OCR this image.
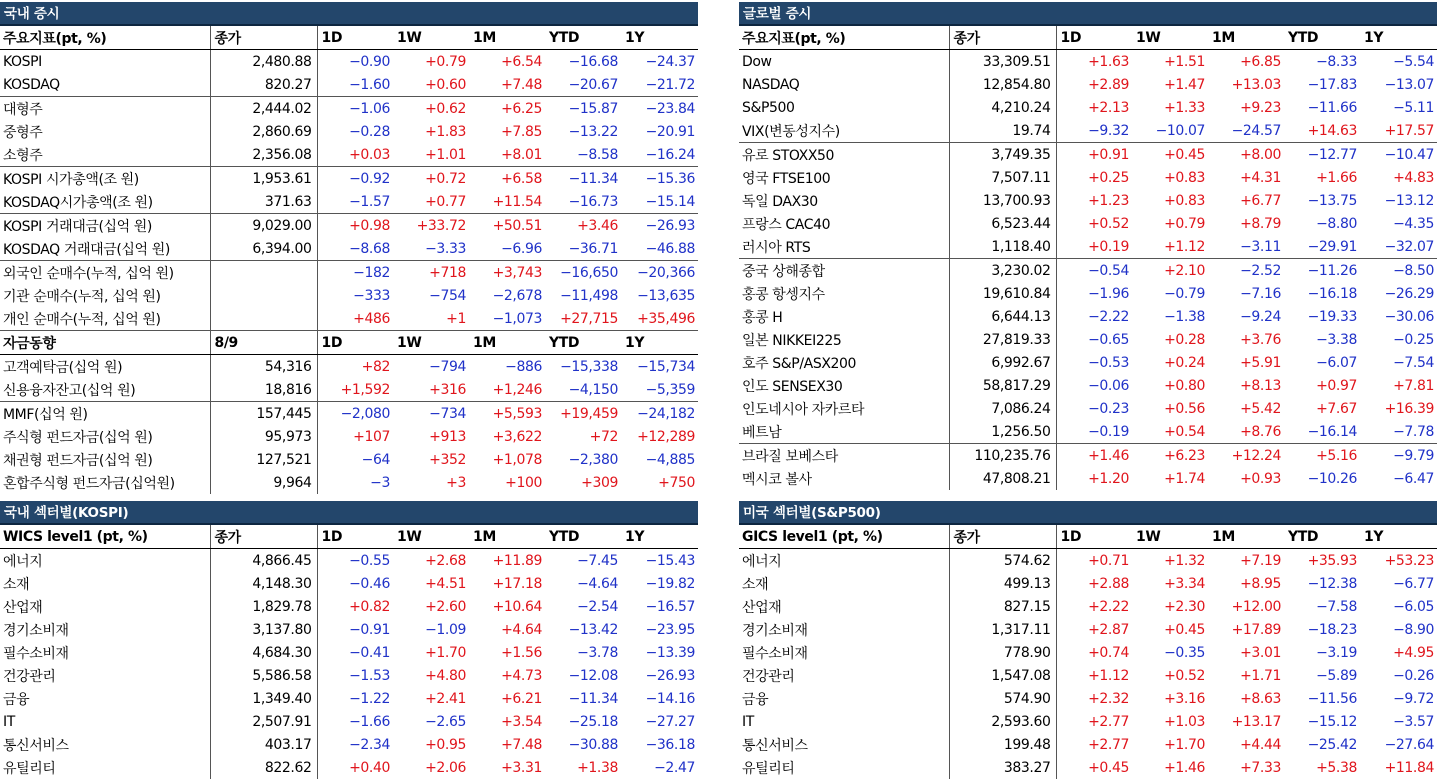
국내 증시
주요지표(pt, %)	종가	1D	1W	1M	YTD	1Y
KOSPI	2,480.88	−0.90	+0.79	+6.54	−16.68	−24.37
KOSDAQ	820.27	−1.60	+0.60	+7.48	−20.67	−21.72
대형주	2,444.02	−1.06	+0.62	+6.25	−15.87	−23.84
중형주	2,860.69	−0.28	+1.83	+7.85	−13.22	−20.91
소형주	2,356.08	+0.03	+1.01	+8.01	−8.58	−16.24
KOSPI 시가총액(조 원)	1,953.61	−0.92	+0.72	+6.58	−11.34	−15.36
KOSDAQ시가총액(조 원)	371.63	−1.57	+0.77	+11.54	−16.73	−15.14
KOSPI 거래대금(십억 원)	9,029.00	+0.98	+33.72	+50.51	+3.46	−26.93
KOSDAQ 거래대금(십억 원)	6,394.00	−8.68	−3.33	−6.96	−36.71	−46.88
외국인 순매수(누적, 십억 원)		−182	+718	+3,743	−16,650	−20,366
기관 순매수(누적, 십억 원)		−333	−754	−2,678	−11,498	−13,635
개인 순매수(누적, 십억 원)		+486	+1	−1,073	+27,715	+35,496
자금동향	8/9	1D	1W	1M	YTD	1Y
고객예탁금(십억 원)	54,316	+82	−794	−886	−15,338	−15,734
신용융자잔고(십억 원)	18,816	+1,592	+316	+1,246	−4,150	−5,359
MMF(십억 원)	157,445	−2,080	−734	+5,593	+19,459	−24,182
주식형 펀드자금(십억 원)	95,973	+107	+913	+3,622	+72	+12,289
채권형 펀드자금(십억 원)	127,521	−64	+352	+1,078	−2,380	−4,885
혼합주식형 펀드자금(십억원)	9,964	−3	+3	+100	+309	+750
글로벌 증시
주요지표(pt, %)	종가	1D	1W	1M	YTD	1Y
Dow	33,309.51	+1.63	+1.51	+6.85	−8.33	−5.54
NASDAQ	12,854.80	+2.89	+1.47	+13.03	−17.83	−13.07
S&P500	4,210.24	+2.13	+1.33	+9.23	−11.66	−5.11
VIX(변동성지수)	19.74	−9.32	−10.07	−24.57	+14.63	+17.57
유로 STOXX50	3,749.35	+0.91	+0.45	+8.00	−12.77	−10.47
영국 FTSE100	7,507.11	+0.25	+0.83	+4.31	+1.66	+4.83
독일 DAX30	13,700.93	+1.23	+0.83	+6.77	−13.75	−13.12
프랑스 CAC40	6,523.44	+0.52	+0.79	+8.79	−8.80	−4.35
러시아 RTS	1,118.40	+0.19	+1.12	−3.11	−29.91	−32.07
중국 상해종합	3,230.02	−0.54	+2.10	−2.52	−11.26	−8.50
홍콩 항셍지수	19,610.84	−1.96	−0.79	−7.16	−16.18	−26.29
홍콩 H	6,644.13	−2.22	−1.38	−9.24	−19.33	−30.06
일본 NIKKEI225	27,819.33	−0.65	+0.28	+3.76	−3.38	−0.25
호주 S&P/ASX200	6,992.67	−0.53	+0.24	+5.91	−6.07	−7.54
인도 SENSEX30	58,817.29	−0.06	+0.80	+8.13	+0.97	+7.81
인도네시아 자카르타	7,086.24	−0.23	+0.56	+5.42	+7.67	+16.39
베트남	1,256.50	−0.19	+0.54	+8.76	−16.14	−7.78
브라질 보베스타	110,235.76	+1.46	+6.23	+12.24	+5.16	−9.79
멕시코 볼사	47,808.21	+1.20	+1.74	+0.93	−10.26	−6.47
국내 섹터별(KOSPI)
WICS level1 (pt, %)	종가	1D	1W	1M	YTD	1Y
에너지	4,866.45	−0.55	+2.68	+11.89	−7.45	−15.43
소재	4,148.30	−0.46	+4.51	+17.18	−4.64	−19.82
산업재	1,829.78	+0.82	+2.60	+10.64	−2.54	−16.57
경기소비재	3,137.80	−0.91	−1.09	+4.64	−13.42	−23.95
필수소비재	4,684.30	−0.41	+1.70	+1.56	−3.78	−13.39
건강관리	5,586.58	−1.53	+4.80	+4.73	−12.08	−26.93
금융	1,349.40	−1.22	+2.41	+6.21	−11.34	−14.16
IT	2,507.91	−1.66	−2.65	+3.54	−25.18	−27.27
통신서비스	403.17	−2.34	+0.95	+7.48	−30.88	−36.18
유틸리티	822.62	+0.40	+2.06	+3.31	+1.38	−2.47
미국 섹터별(S&P500)
GICS level1 (pt, %)	종가	1D	1W	1M	YTD	1Y
에너지	574.62	+0.71	+1.32	+7.19	+35.93	+53.23
소재	499.13	+2.88	+3.34	+8.95	−12.38	−6.77
산업재	827.15	+2.22	+2.30	+12.00	−7.58	−6.05
경기소비재	1,317.11	+2.87	+0.45	+17.89	−18.23	−8.90
필수소비재	778.90	+0.74	−0.35	+3.01	−3.19	+4.95
건강관리	1,547.08	+1.12	+0.52	+1.71	−5.89	−0.26
금융	574.90	+2.32	+3.16	+8.63	−11.56	−9.72
IT	2,593.60	+2.77	+1.03	+13.17	−15.12	−3.57
통신서비스	199.48	+2.77	+1.70	+4.44	−25.42	−27.64
유틸리티	383.27	+0.45	+1.46	+7.33	+5.38	+11.84
